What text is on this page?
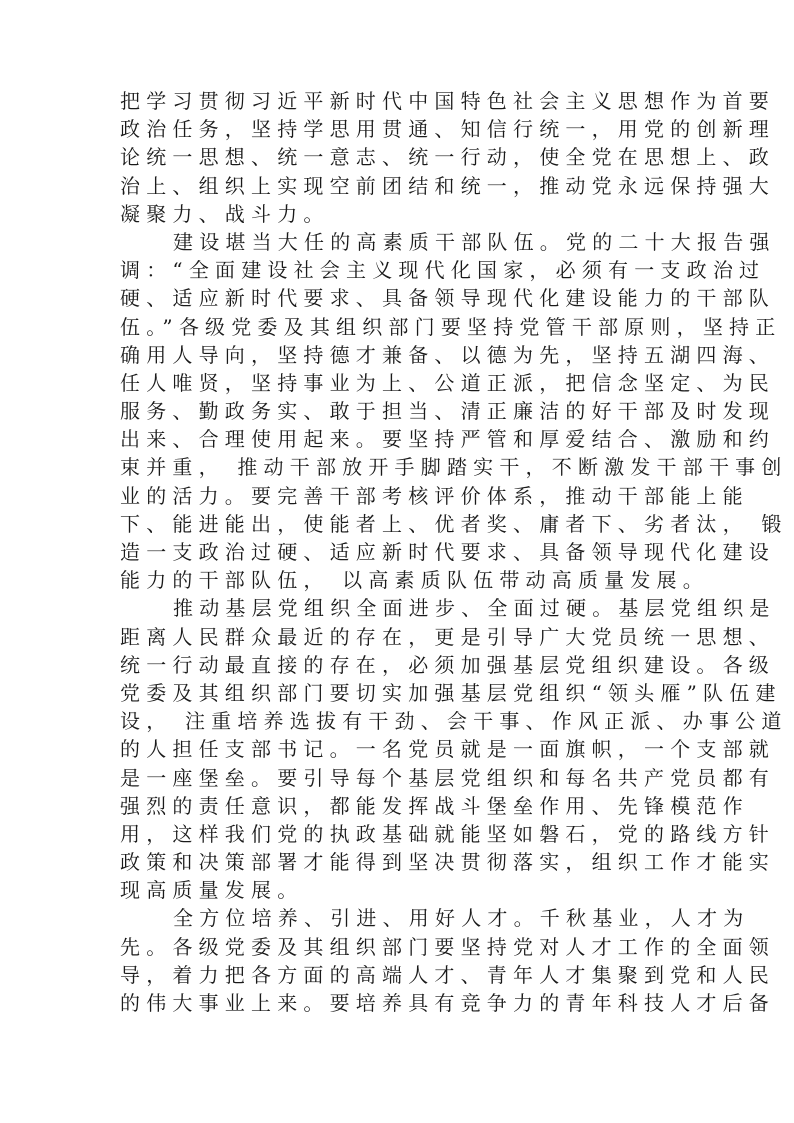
把学习贯彻习近平新时代中国特色社会主义思想作为首要
政治任务，坚持学思用贯通、知信行统一，用党的创新理
论统一思想、统一意志、统一行动，使全党在思想上、政
治上、组织上实现空前团结和统一，推动党永远保持强大
凝聚力、战斗力。
建设堪当大任的高素质干部队伍。党的二十大报告强
调：“全面建设社会主义现代化国家，必须有一支政治过
硬、适应新时代要求、具备领导现代化建设能力的干部队
伍。”各级党委及其组织部门要坚持党管干部原则，坚持正
确用人导向，坚持德才兼备、以德为先，坚持五湖四海、
任人唯贤，坚持事业为上、公道正派，把信念坚定、为民
服务、勤政务实、敢于担当、清正廉洁的好干部及时发现
出来、合理使用起来。要坚持严管和厚爱结合、激励和约
束并重， 推动干部放开手脚踏实干，不断激发干部干事创
业的活力。要完善干部考核评价体系，推动干部能上能
下、能进能出，使能者上、优者奖、庸者下、劣者汰， 锻
造一支政治过硬、适应新时代要求、具备领导现代化建设
能力的干部队伍， 以高素质队伍带动高质量发展。
推动基层党组织全面进步、全面过硬。基层党组织是
距离人民群众最近的存在，更是引导广大党员统一思想、
统一行动最直接的存在，必须加强基层党组织建设。各级
党委及其组织部门要切实加强基层党组织“领头雁”队伍建
设， 注重培养选拔有干劲、会干事、作风正派、办事公道
的人担任支部书记。一名党员就是一面旗帜，一个支部就
是一座堡垒。要引导每个基层党组织和每名共产党员都有
强烈的责任意识，都能发挥战斗堡垒作用、先锋模范作
用，这样我们党的执政基础就能坚如磐石，党的路线方针
政策和决策部署才能得到坚决贯彻落实，组织工作才能实
现高质量发展。
全方位培养、引进、用好人才。千秋基业，人才为
先。各级党委及其组织部门要坚持党对人才工作的全面领
导，着力把各方面的高端人才、青年人才集聚到党和人民
的伟大事业上来。要培养具有竞争力的青年科技人才后备
